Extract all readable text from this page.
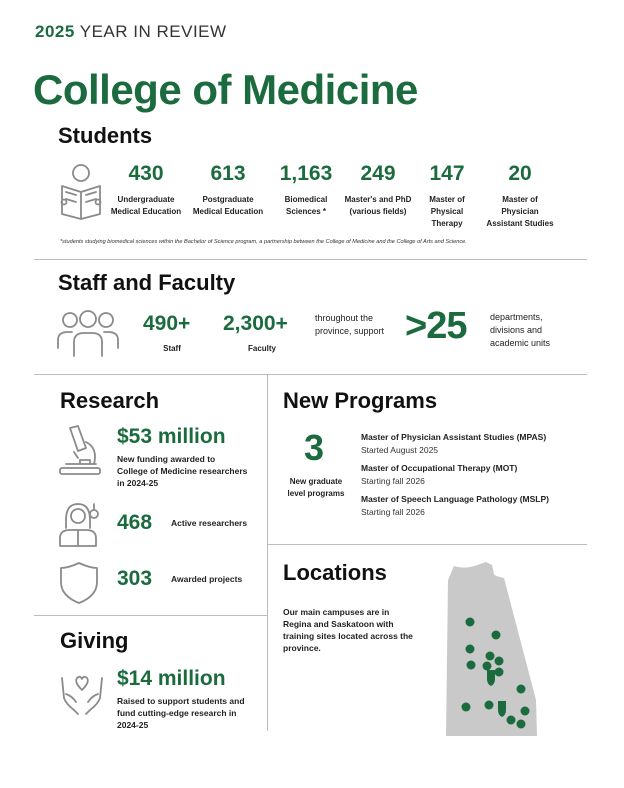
2025 YEAR IN REVIEW
College of Medicine
Students
430
Undergraduate
Medical Education
613
Postgraduate
Medical Education
1,163
Biomedical
Sciences *
249
Master's and PhD
(various fields)
147
Master of
Physical
Therapy
20
Master of
Physician
Assistant Studies
*students studying biomedical sciences within the Bachelor of Science program, a partnership between the College of Medicine and the College of Arts and Science.
Staff and Faculty
490+
Staff
2,300+
Faculty
throughout the
province, support >25	departments,
divisions and
academic units
Research
$53 million
New funding awarded to
College of Medicine researchers
in 2024-25
468 Active researchers
303 Awarded projects
Giving
$14 million
Raised to support students and
fund cutting-edge research in
2024-25
New Programs
3
New graduate
level programs
Master of Physician Assistant Studies (MPAS)
Started August 2025
Master of Occupational Therapy (MOT)
Starting fall 2026
Master of Speech Language Pathology (MSLP)
Starting fall 2026
Locations
Our main campuses are in
Regina and Saskatoon with
training sites located across the
province.
